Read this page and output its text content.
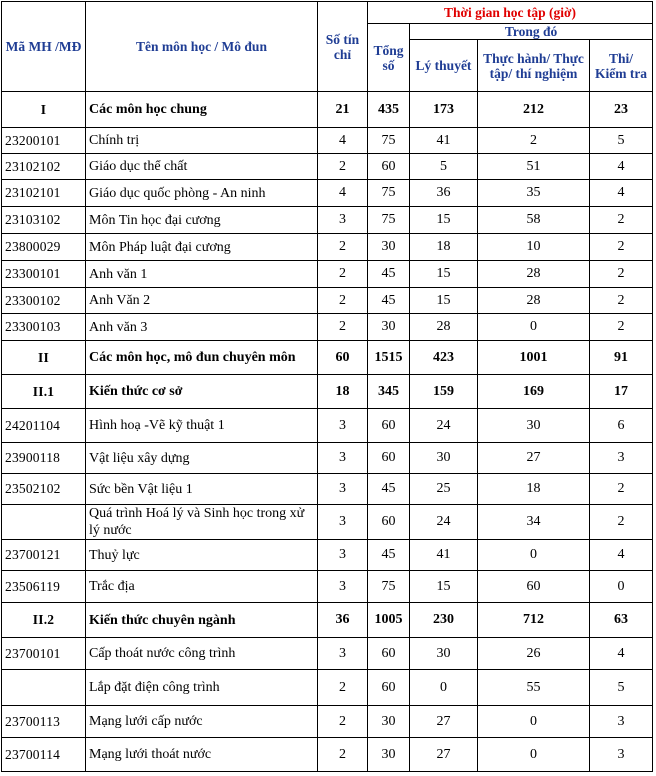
Mã MH /MĐ	Tên môn học / Mô đun	Số tín chỉ	Thời gian học tập (giờ)			
			Tổng số	Trong đó		
				Lý thuyết	Thực hành/ Thực tập/ thí nghiệm	Thi/ Kiểm tra
I	Các môn học chung	21	435	173	212	23
23200101	Chính trị	4	75	41	2	5
23102102	Giáo dục thể chất	2	60	5	51	4
23102101	Giáo dục quốc phòng - An ninh	4	75	36	35	4
23103102	Môn Tin học đại cương	3	75	15	58	2
23800029	Môn Pháp luật đại cương	2	30	18	10	2
23300101	Anh văn 1	2	45	15	28	2
23300102	Anh Văn 2	2	45	15	28	2
23300103	Anh văn 3	2	30	28	0	2
II	Các môn học, mô đun chuyên môn	60	1515	423	1001	91
II.1	Kiến thức cơ sở	18	345	159	169	17
24201104	Hình hoạ -Vẽ kỹ thuật 1	3	60	24	30	6
23900118	Vật liệu xây dựng	3	60	30	27	3
23502102	Sức bền Vật liệu 1	3	45	25	18	2
	Quá trình Hoá lý và Sinh học trong xử lý nước	3	60	24	34	2
23700121	Thuỷ lực	3	45	41	0	4
23506119	Trắc địa	3	75	15	60	0
II.2	Kiến thức chuyên ngành	36	1005	230	712	63
23700101	Cấp thoát nước công trình	3	60	30	26	4
	Lắp đặt điện công trình	2	60	0	55	5
23700113	Mạng lưới cấp nước	2	30	27	0	3
23700114	Mạng lưới thoát nước	2	30	27	0	3
